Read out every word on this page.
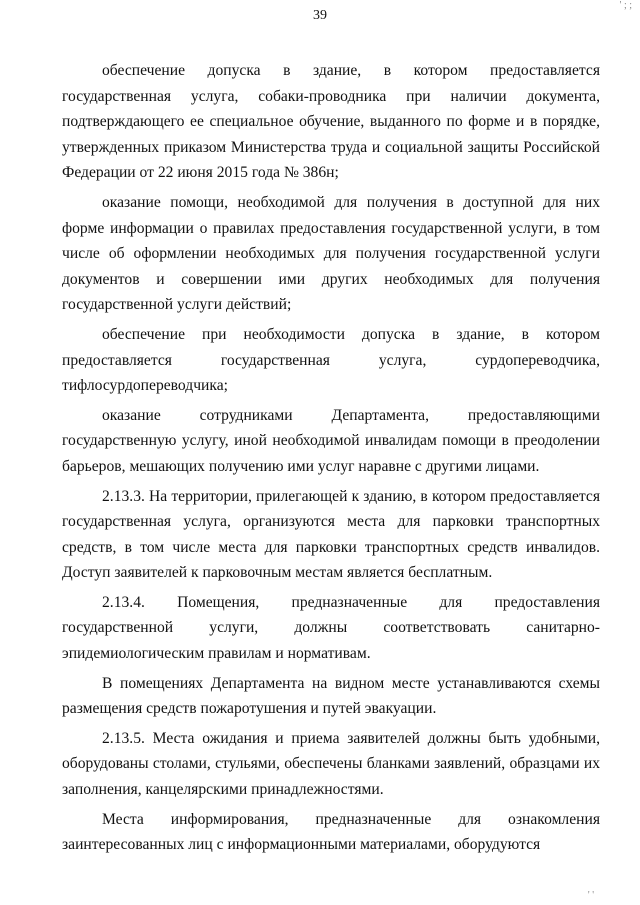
' ; ;
39

обеспечение допуска в здание, в котором предоставляется государственная услуга, собаки-проводника при наличии документа, подтверждающего ее специальное обучение, выданного по форме и в порядке, утвержденных приказом Министерства труда и социальной защиты Российской Федерации от 22 июня 2015 года № 386н;

оказание помощи, необходимой для получения в доступной для них форме информации о правилах предоставления государственной услуги, в том числе об оформлении необходимых для получения государственной услуги документов и совершении ими других необходимых для получения государственной услуги действий;

обеспечение при необходимости допуска в здание, в котором предоставляется государственная услуга, сурдопереводчика, тифлосурдопереводчика;

оказание сотрудниками Департамента, предоставляющими государственную услугу, иной необходимой инвалидам помощи в преодолении барьеров, мешающих получению ими услуг наравне с другими лицами.

2.13.3. На территории, прилегающей к зданию, в котором предоставляется государственная услуга, организуются места для парковки транспортных средств, в том числе места для парковки транспортных средств инвалидов. Доступ заявителей к парковочным местам является бесплатным.

2.13.4. Помещения, предназначенные для предоставления государственной услуги, должны соответствовать санитарно-эпидемиологическим правилам и нормативам.

В помещениях Департамента на видном месте устанавливаются схемы размещения средств пожаротушения и путей эвакуации.

2.13.5. Места ожидания и приема заявителей должны быть удобными, оборудованы столами, стульями, обеспечены бланками заявлений, образцами их заполнения, канцелярскими принадлежностями.

Места информирования, предназначенные для ознакомления заинтересованных лиц с информационными материалами, оборудуются

' '
